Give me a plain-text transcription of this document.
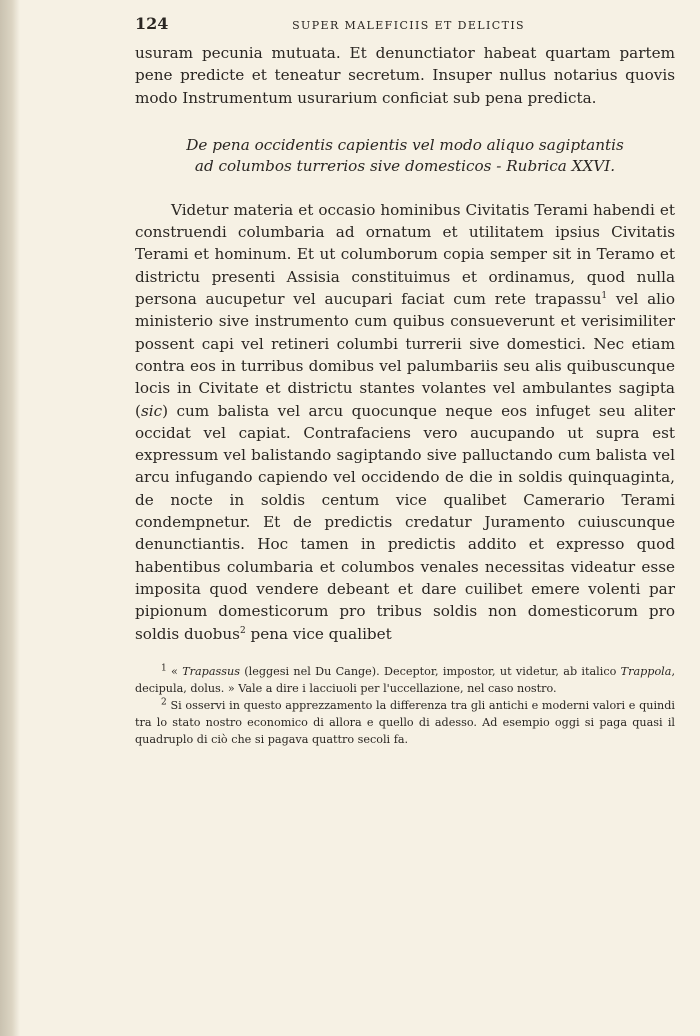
124	SUPER MALEFICIIS ET DELICTIS

usuram pecunia mutuata. Et denunctiator habeat quartam partem pene predicte et teneatur secretum. Insuper nullus notarius quovis modo Instrumentum usurarium conficiat sub pena predicta.

De pena occidentis capientis vel modo aliquo sagiptantis
ad columbos turrerios sive domesticos - Rubrica XXVI.

Videtur materia et occasio hominibus Civitatis Terami habendi et construendi columbaria ad ornatum et utilitatem ipsius Civitatis Terami et hominum. Et ut columborum copia semper sit in Teramo et districtu presenti Assisia constituimus et ordinamus, quod nulla persona aucupetur vel aucupari faciat cum rete trapassu$^1$ vel alio ministerio sive instrumento cum quibus consueverunt et verisimiliter possent capi vel retineri columbi turrerii sive domestici. Nec etiam contra eos in turribus domibus vel palumbariis seu alis quibuscunque locis in Civitate et districtu stantes volantes vel ambulantes sagipta (sic) cum balista vel arcu quocunque neque eos infuget seu aliter occidat vel capiat. Contrafaciens vero aucupando ut supra est expressum vel balistando sagiptando sive palluctando cum balista vel arcu infugando capiendo vel occidendo de die in soldis quinquaginta, de nocte in soldis centum vice qualibet Camerario Terami condempnetur. Et de predictis credatur Juramento cuiuscunque denunctiantis. Hoc tamen in predictis addito et expresso quod habentibus columbaria et columbos venales necessitas videatur esse imposita quod vendere debeant et dare cuilibet emere volenti par pipionum domesticorum pro tribus soldis non domesticorum pro soldis duobus$^2$ pena vice qualibet

$^1$ « Trapassus (leggesi nel Du Cange). Deceptor, impostor, ut videtur, ab italico Trappola, decipula, dolus. » Vale a dire i lacciuoli per l'uccellazione, nel caso nostro.

$^2$ Si osservi in questo apprezzamento la differenza tra gli antichi e moderni valori e quindi tra lo stato nostro economico di allora e quello di adesso. Ad esempio oggi si paga quasi il quadruplo di ciò che si pagava quattro secoli fa.
